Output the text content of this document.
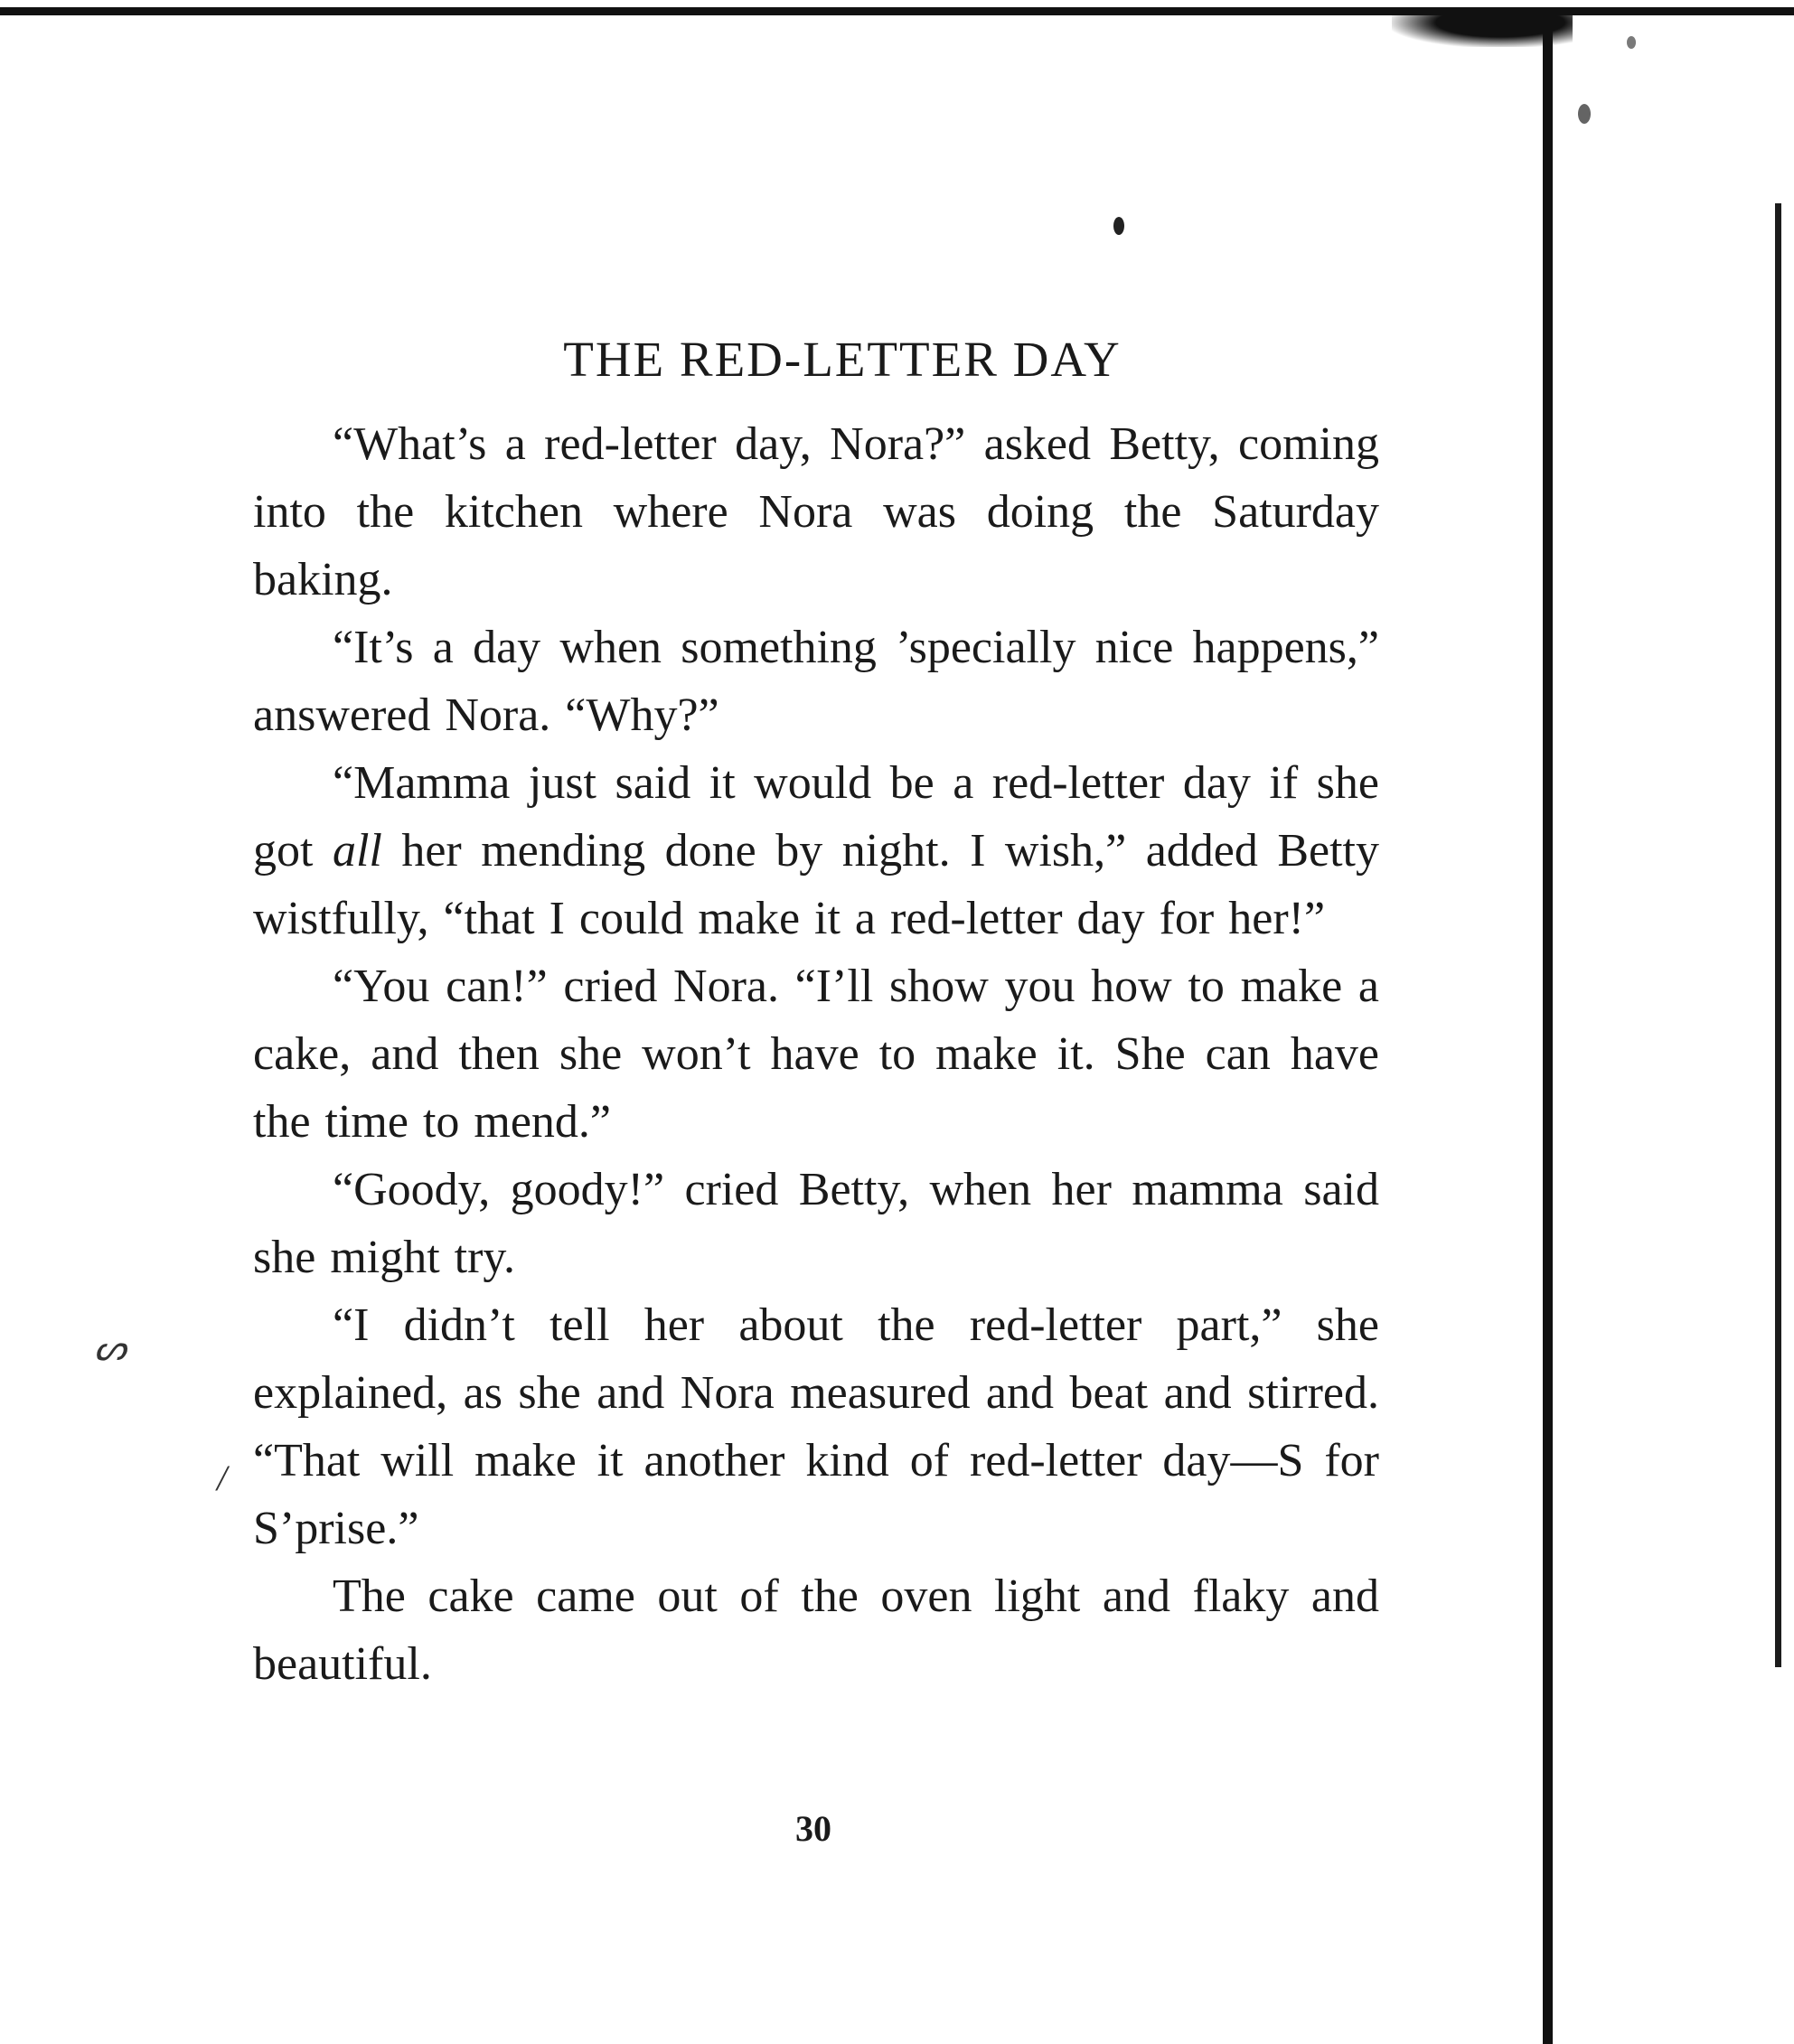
ᔕ
/
THE RED-LETTER DAY

“What’s a red-letter day, Nora?” asked Betty, coming into the kitchen where Nora was doing the Saturday baking.

“It’s a day when something ’specially nice happens,” answered Nora. “Why?”

“Mamma just said it would be a red-letter day if she got all her mending done by night. I wish,” added Betty wistfully, “that I could make it a red-letter day for her!”

“You can!” cried Nora. “I’ll show you how to make a cake, and then she won’t have to make it. She can have the time to mend.”

“Goody, goody!” cried Betty, when her mamma said she might try.

“I didn’t tell her about the red-letter part,” she explained, as she and Nora measured and beat and stirred. “That will make it another kind of red-letter day—S for S’prise.”

The cake came out of the oven light and flaky and beautiful.

30
